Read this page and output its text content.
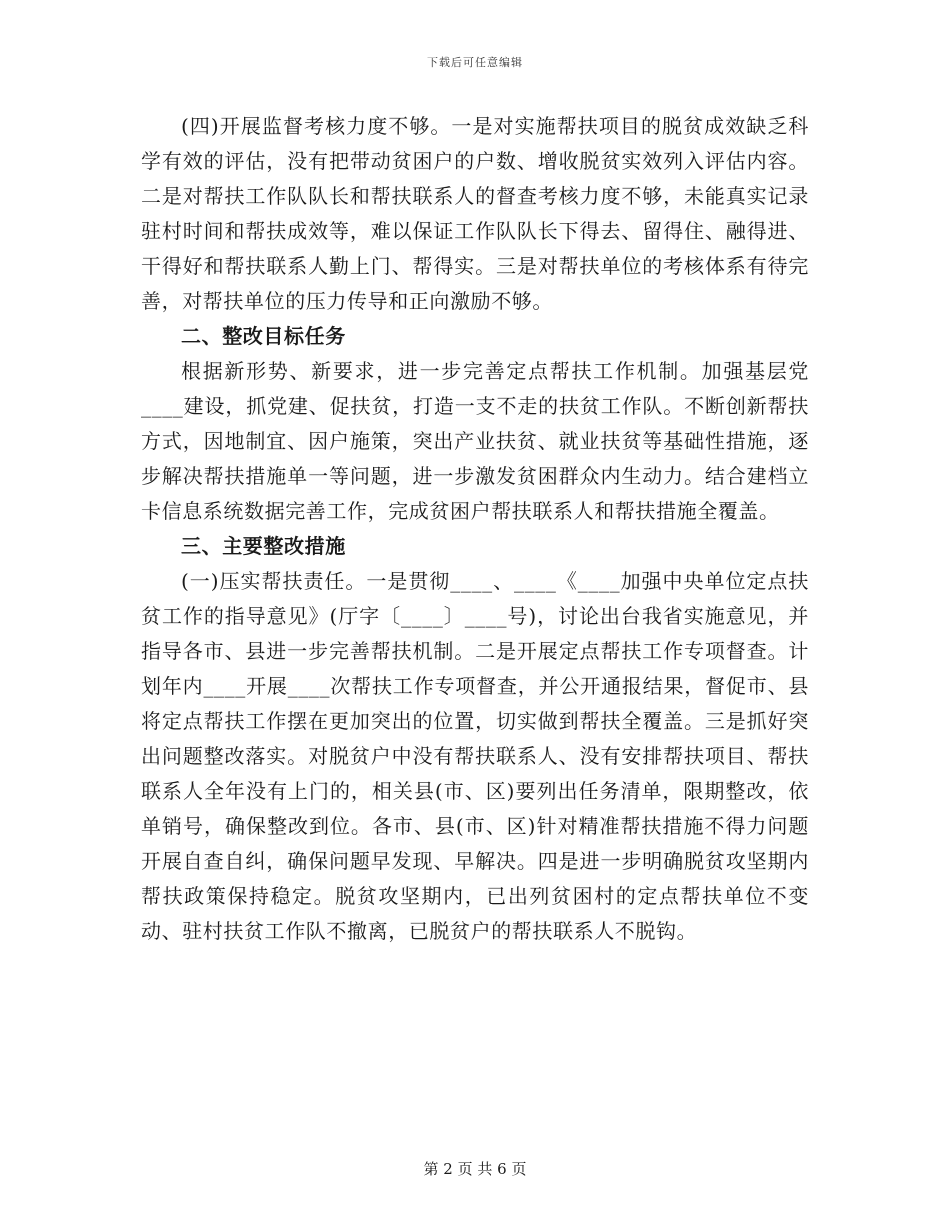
下载后可任意编辑

(四)开展监督考核力度不够。一是对实施帮扶项目的脱贫成效缺乏科学有效的评估，没有把带动贫困户的户数、增收脱贫实效列入评估内容。二是对帮扶工作队队长和帮扶联系人的督查考核力度不够，未能真实记录驻村时间和帮扶成效等，难以保证工作队队长下得去、留得住、融得进、干得好和帮扶联系人勤上门、帮得实。三是对帮扶单位的考核体系有待完善，对帮扶单位的压力传导和正向激励不够。

二、整改目标任务

根据新形势、新要求，进一步完善定点帮扶工作机制。加强基层党____建设，抓党建、促扶贫，打造一支不走的扶贫工作队。不断创新帮扶方式，因地制宜、因户施策，突出产业扶贫、就业扶贫等基础性措施，逐步解决帮扶措施单一等问题，进一步激发贫困群众内生动力。结合建档立卡信息系统数据完善工作，完成贫困户帮扶联系人和帮扶措施全覆盖。

三、主要整改措施

(一)压实帮扶责任。一是贯彻____、____《____加强中央单位定点扶贫工作的指导意见》(厅字〔____〕____号)，讨论出台我省实施意见，并指导各市、县进一步完善帮扶机制。二是开展定点帮扶工作专项督查。计划年内____开展____次帮扶工作专项督查，并公开通报结果，督促市、县将定点帮扶工作摆在更加突出的位置，切实做到帮扶全覆盖。三是抓好突出问题整改落实。对脱贫户中没有帮扶联系人、没有安排帮扶项目、帮扶联系人全年没有上门的，相关县(市、区)要列出任务清单，限期整改，依单销号，确保整改到位。各市、县(市、区)针对精准帮扶措施不得力问题开展自查自纠，确保问题早发现、早解决。四是进一步明确脱贫攻坚期内帮扶政策保持稳定。脱贫攻坚期内，已出列贫困村的定点帮扶单位不变动、驻村扶贫工作队不撤离，已脱贫户的帮扶联系人不脱钩。

第 2 页 共 6 页
